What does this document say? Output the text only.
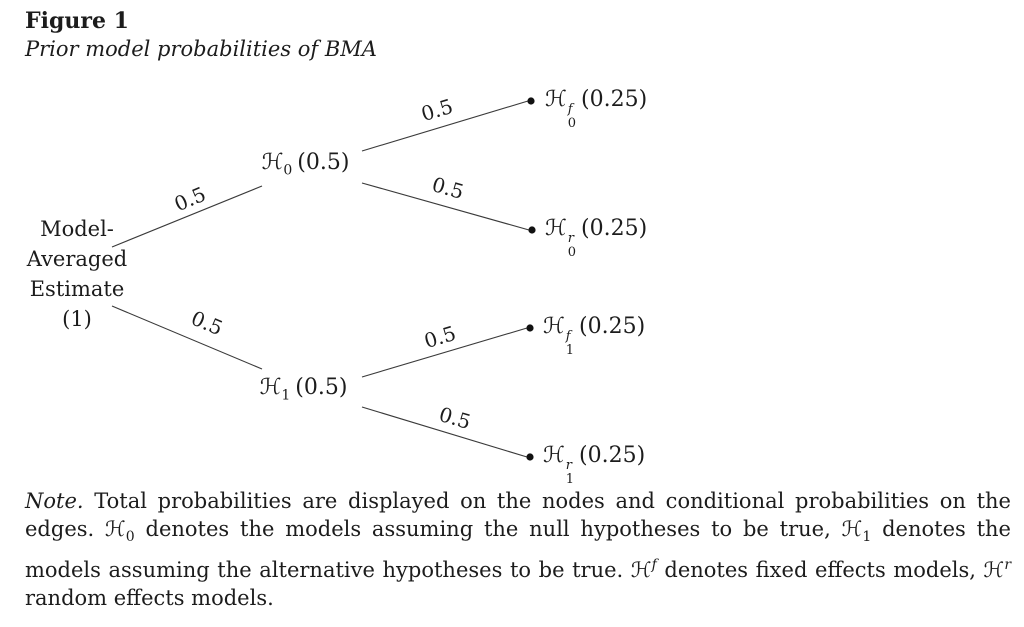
Figure 1
Prior model probabilities of BMA
Model-
Averaged
Estimate
(1)
ℋ$_0$ (0.5)
ℋ$_1$ (0.5)
ℋ f
0
(0.25)
ℋ r
0
(0.25)
ℋ f
1
(0.25)
ℋ r
1
(0.25)
0.5
0.5
0.5
0.5
0.5
0.5
Note. Total probabilities are displayed on the nodes and conditional probabilities on the edges. ℋ$_0$ denotes the models assuming the null hypotheses to be true, ℋ$_1$ denotes the models assuming the alternative hypotheses to be true. ℋ$^f$ denotes fixed effects models, ℋ$^r$ random effects models.
